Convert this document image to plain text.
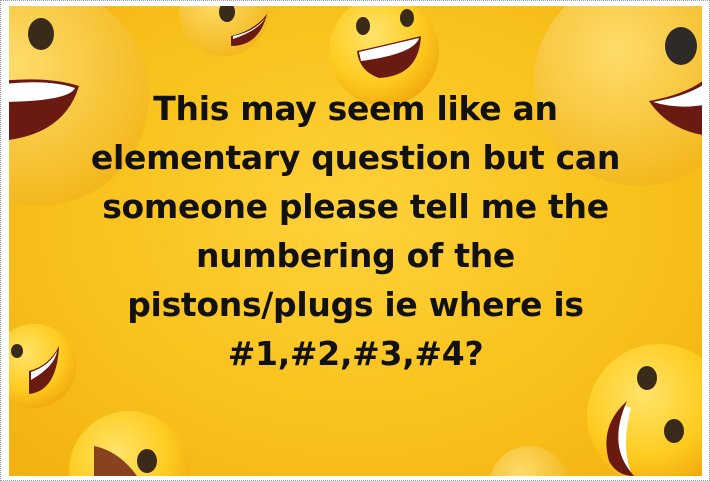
This may seem like an
elementary question but can
someone please tell me the
numbering of the
pistons/plugs ie where is
#1,#2,#3,#4?
